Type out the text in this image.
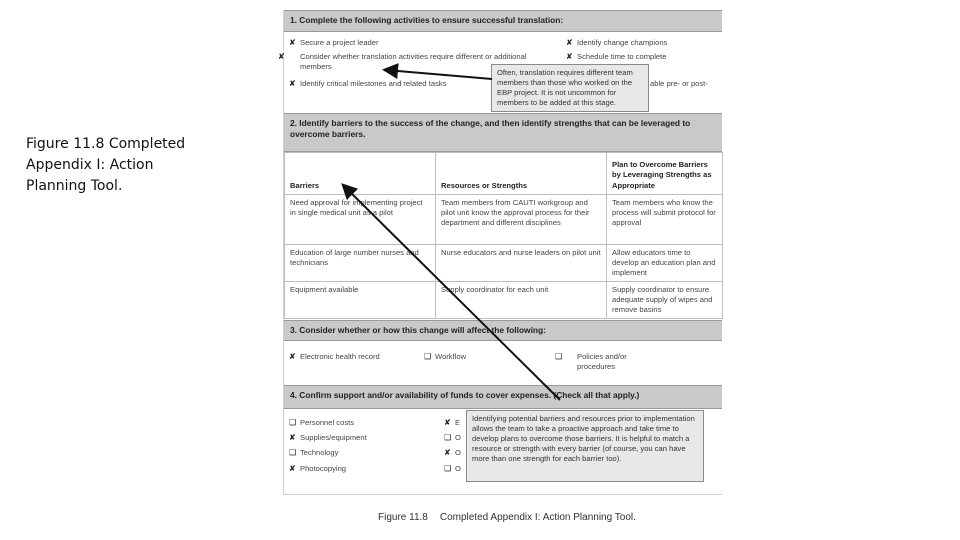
Figure 11.8 Completed Appendix I: Action Planning Tool.
1. Complete the following activities to ensure successful translation:
✘ Secure a project leader
✘ Consider whether translation activities require different or additional members
✘ Identify critical milestones and related tasks
✘ Identify change champions
✘ Schedule time to complete
able pre- or post-
Often, translation requires different team members than those who worked on the EBP project. It is not uncommon for members to be added at this stage.
2. Identify barriers to the success of the change, and then identify strengths that can be leveraged to overcome barriers.
Barriers	Resources or Strengths	Plan to Overcome Barriers by Leveraging Strengths as Appropriate
Need approval for implementing project in single medical unit as a pilot	Team members from CAUTI workgroup and pilot unit know the approval process for their department and different disciplines	Team members who know the process will submit protocol for approval
Education of large number nurses and technicians	Nurse educators and nurse leaders on pilot unit	Allow educators time to develop an education plan and implement
Equipment available	Supply coordinator for each unit	Supply coordinator to ensure adequate supply of wipes and remove basins
3. Consider whether or how this change will affect the following:
✘ Electronic health record	❑ Workflow	❑ Policies and/or procedures
4. Confirm support and/or availability of funds to cover expenses. (Check all that apply.)
❑ Personnel costs
✘ Supplies/equipment
❑ Technology
✘ Photocopying
✘ E
❑ O
✘ O
❑ O
Identifying potential barriers and resources prior to implementation allows the team to take a proactive approach and take time to develop plans to overcome those barriers. It is helpful to match a resource or strength with every barrier (of course, you can have more than one strength for each barrier too).
Figure 11.8 Completed Appendix I: Action Planning Tool.
